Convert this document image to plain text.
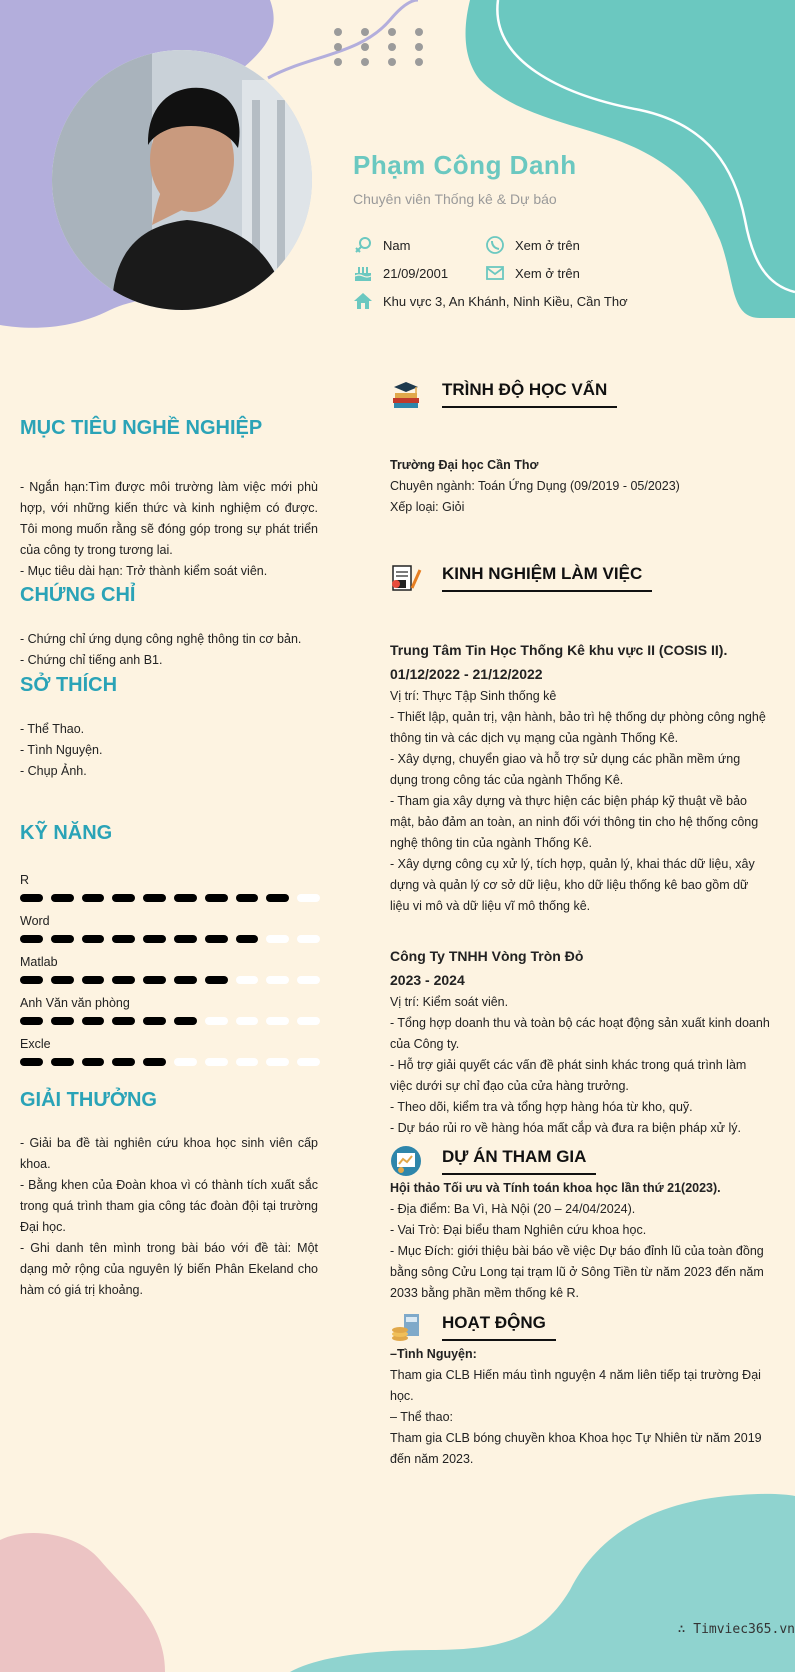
Phạm Công Danh
Chuyên viên Thống kê & Dự báo
Nam	Xem ở trên
21/09/2001	Xem ở trên
Khu vực 3, An Khánh, Ninh Kiều, Cần Thơ
MỤC TIÊU NGHỀ NGHIỆP

- Ngắn hạn:Tìm được môi trường làm việc mới phù hợp, với những kiến thức và kinh nghiệm có được. Tôi mong muốn rằng sẽ đóng góp trong sự phát triển của công ty trong tương lai.

- Mục tiêu dài hạn: Trở thành kiểm soát viên.

CHỨNG CHỈ

- Chứng chỉ ứng dụng công nghệ thông tin cơ bản.

- Chứng chỉ tiếng anh B1.

SỞ THÍCH

- Thể Thao.

- Tình Nguyện.

- Chụp Ảnh.

KỸ NĂNG
R
Word
Matlab
Anh Văn văn phòng
Excle
GIẢI THƯỞNG

- Giải ba đề tài nghiên cứu khoa học sinh viên cấp khoa.

- Bằng khen của Đoàn khoa vì có thành tích xuất sắc trong quá trình tham gia công tác đoàn đội tại trường Đại học.

- Ghi danh tên mình trong bài báo với đề tài: Một dạng mở rộng của nguyên lý biến Phân Ekeland cho hàm có giá trị khoảng.

TRÌNH ĐỘ HỌC VẤN

Trường Đại học Cần Thơ

Chuyên ngành: Toán Ứng Dụng (09/2019 - 05/2023)

Xếp loại: Giỏi

KINH NGHIỆM LÀM VIỆC

Trung Tâm Tin Học Thống Kê khu vực II (COSIS II).

01/12/2022 - 21/12/2022

Vị trí: Thực Tập Sinh thống kê

- Thiết lập, quản trị, vận hành, bảo trì hệ thống dự phòng công nghệ thông tin và các dịch vụ mạng của ngành Thống Kê.

- Xây dựng, chuyển giao và hỗ trợ sử dụng các phần mềm ứng dụng trong công tác của ngành Thống Kê.

- Tham gia xây dựng và thực hiện các biện pháp kỹ thuật về bảo mật, bảo đảm an toàn, an ninh đối với thông tin cho hệ thống công nghệ thông tin của ngành Thống Kê.

- Xây dựng công cụ xử lý, tích hợp, quản lý, khai thác dữ liệu, xây dựng và quản lý cơ sở dữ liệu, kho dữ liệu thống kê bao gồm dữ liệu vi mô và dữ liệu vĩ mô thống kê.

Công Ty TNHH Vòng Tròn Đỏ

2023 - 2024

Vị trí: Kiểm soát viên.

- Tổng hợp doanh thu và toàn bộ các hoạt động sản xuất kinh doanh của Công ty.

- Hỗ trợ giải quyết các vấn đề phát sinh khác trong quá trình làm việc dưới sự chỉ đạo của cửa hàng trưởng.

- Theo dõi, kiểm tra và tổng hợp hàng hóa từ kho, quỹ.

- Dự báo rủi ro về hàng hóa mất cắp và đưa ra biện pháp xử lý.

DỰ ÁN THAM GIA

Hội thảo Tối ưu và Tính toán khoa học lần thứ 21(2023).

- Địa điểm: Ba Vì, Hà Nội (20 – 24/04/2024).

- Vai Trò: Đại biểu tham Nghiên cứu khoa học.

- Mục Đích: giới thiệu bài báo về việc Dự báo đỉnh lũ của toàn đồng bằng sông Cửu Long tại trạm lũ ở Sông Tiền từ năm 2023 đến năm 2033 bằng phần mềm thống kê R.

HOẠT ĐỘNG

–Tình Nguyện:

Tham gia CLB Hiến máu tình nguyện 4 năm liên tiếp tại trường Đại học.

– Thể thao:

Tham gia CLB bóng chuyền khoa Khoa học Tự Nhiên từ năm 2019 đến năm 2023.

∴ Timviec365.vn
